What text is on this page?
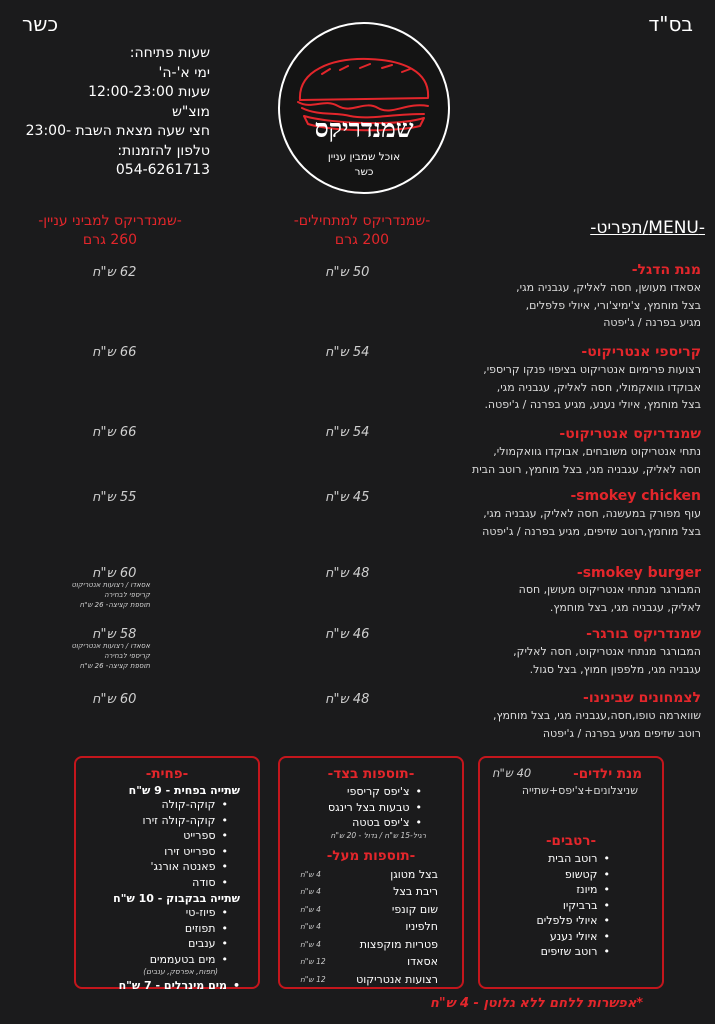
כשר	בס"ד
שעות פתיחה:
ימי א'-ה'
שעות 12:00-23:00
מוצ"ש
חצי שעה מצאת השבת -23:00
טלפון להזמנות:
054-6261713
שמנדריקס
אוכל שמבין עניין
כשר
-שמנדריקס למביני עניין-
260 גרם
-שמנדריקס למתחילים-
200 גרם
-MENU/תפריט-
מנת הדגל-
אסאדו מעושן, חסה לאליק, עגבניה מגי,
בצל מוחמץ, צ'ימיצ'ורי, איולי פלפלים,
מגיע בפרנה / ג'יפטה
50 ש"ח
62 ש"ח
קריספי אנטריקוט-
רצועות פרימיום אנטריקוט בציפוי פנקו קריספי,
אבוקדו גוואקמולי, חסה לאליק, עגבניה מגי,
בצל מוחמץ, איולי נענע, מגיע בפרנה / ג'יפטה.
54 ש"ח
66 ש"ח
שמנדריקס אנטריקוט-
נתחי אנטריקוט משובחים, אבוקדו גוואקמולי,
חסה לאליק, עגבניה מגי, בצל מוחמץ, רוטב הבית
54 ש"ח
66 ש"ח
smokey chicken-
עוף מפורק במעשנה, חסה לאליק, עגבניה מגי,
בצל מוחמץ,רוטב שזיפים, מגיע בפרנה / ג'יפטה
45 ש"ח
55 ש"ח
smokey burger-
המבורגר מנתחי אנטריקוט מעושן, חסה
לאליק, עגבניה מגי, בצל מוחמץ.
48 ש"ח
60 ש"ח
אסאדו / רצועות אנטריקוט
קריספי לבחירה
תוספת קציצה- 26 ש"ח
שמנדריקס בורגר-
המבורגר מנתחי אנטריקוט, חסה לאליק,
עגבניה מגי, מלפפון חמוץ, בצל סגול.
46 ש"ח
58 ש"ח
אסאדו / רצועות אנטריקוט
קריספי לבחירה
תוספת קציצה- 26 ש"ח
לצמחונים שבינינו-
שווארמה טופו,חסה,עגבניה מגי, בצל מוחמץ,
רוטב שזיפים מגיע בפרנה / ג'יפטה
48 ש"ח
60 ש"ח
-פחית-
שתייה בפחית - 9 ש"ח
• קוקה-קולה
• קוקה-קולה זירו
• ספרייט
• ספרייט זירו
• פאנטה אורנג'
• סודה
שתייה בבקבוק - 10 ש"ח
• פיוז-טי
• תפוזים
• ענבים
• מים בטעממים
(תפוח, אפרסק, ענבים)
• מים מינרלים - 7 ש"ח
-תוספות בצד-
• צ'יפס קריספי
• טבעות בצל רינגס
• צ'יפס בטטה
רגיל-15 ש"ח / גדול - 20 ש"ח
-תוספות מעל-
בצל מטוגן
4 ש"ח
ריבת בצל
4 ש"ח
שום קונפי
4 ש"ח
חלפיניו
4 ש"ח
פטריות מוקפצות
4 ש"ח
אסאדו
12 ש"ח
רצועות אנטריקוט
12 ש"ח
מנת ילדים-
40 ש"ח
שניצלונים+צ'יפס+שתייה
-רטבים-
• רוטב הבית
• קטשופ
• מיונז
• ברביקיו
• איולי פלפלים
• איולי נענע
• רוטב שזיפים
*אפשרות ללחם ללא גלוטן - 4 ש"ח
